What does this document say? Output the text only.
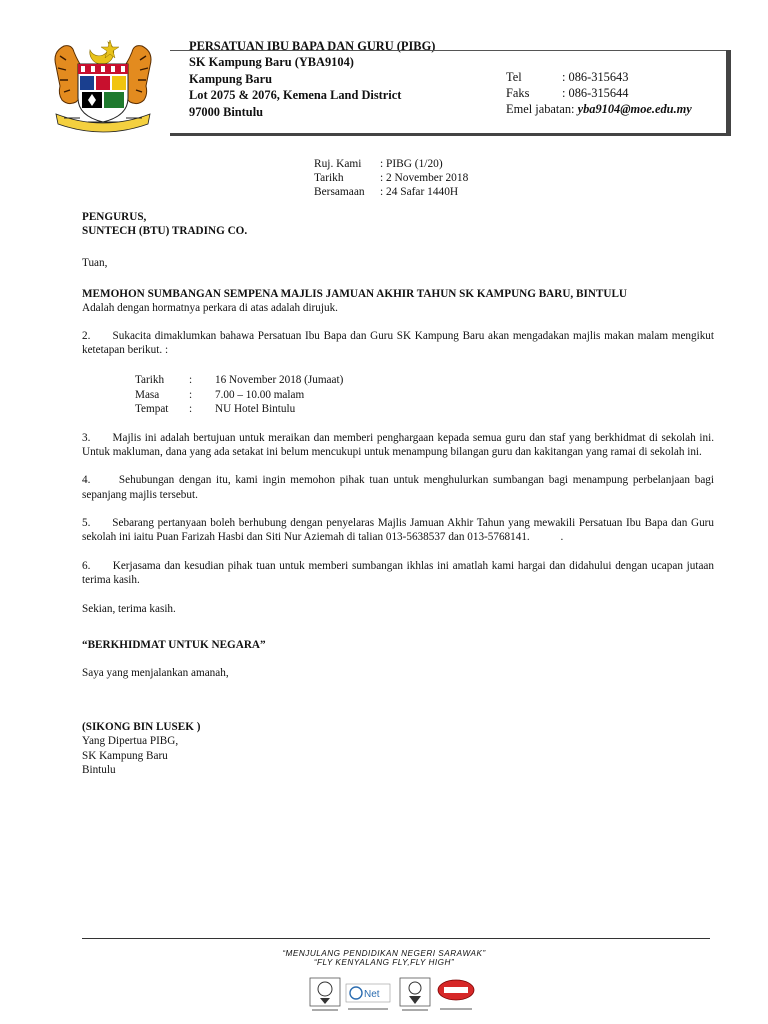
PERSATUAN IBU BAPA DAN GURU (PIBG)
SK Kampung Baru (YBA9104)
Kampung Baru
Lot 2075 & 2076, Kemena Land District
97000 Bintulu
Tel	: 086-315643
Faks	: 086-315644
Emel jabatan:
yba9104@moe.edu.my
Ruj. Kami	: PIBG (1/20)
Tarikh	: 2 November 2018
Bersamaan	: 24 Safar 1440H

PENGURUS,

SUNTECH (BTU) TRADING CO.

Tuan,

MEMOHON SUMBANGAN SEMPENA MAJLIS JAMUAN AKHIR TAHUN SK KAMPUNG BARU, BINTULU

Adalah dengan hormatnya perkara di atas adalah dirujuk.

2.      Sukacita dimaklumkan bahawa Persatuan Ibu Bapa dan Guru SK Kampung Baru akan mengadakan majlis makan malam mengikut ketetapan berikut. :

Tarikh	:	16 November 2018 (Jumaat)
Masa	:	7.00 – 10.00 malam
Tempat	:	NU Hotel Bintulu

3.      Majlis ini adalah bertujuan untuk meraikan dan memberi penghargaan kepada semua guru dan staf yang berkhidmat di sekolah ini. Untuk makluman, dana yang ada setakat ini belum mencukupi untuk menampung bilangan guru dan kakitangan yang ramai di sekolah ini.

4.      Sehubungan dengan itu, kami ingin memohon pihak tuan untuk menghulurkan sumbangan bagi menampung perbelanjaan bagi sepanjang majlis tersebut.

5.      Sebarang pertanyaan boleh berhubung dengan penyelaras Majlis Jamuan Akhir Tahun yang mewakili Persatuan Ibu Bapa dan Guru sekolah ini iaitu Puan Farizah Hasbi dan Siti Nur Aziemah di talian 013-5638537 dan 013-5768141.           .

6.      Kerjasama dan kesudian pihak tuan untuk memberi sumbangan ikhlas ini amatlah kami hargai dan didahului dengan ucapan jutaan terima kasih.

Sekian, terima kasih.

“BERKHIDMAT UNTUK NEGARA”

Saya yang menjalankan amanah,

(SIKONG BIN LUSEK )

Yang Dipertua PIBG,

SK Kampung Baru

Bintulu

“MENJULANG PENDIDIKAN NEGERI SARAWAK”
“FLY KENYALANG FLY,FLY HIGH”
Net
